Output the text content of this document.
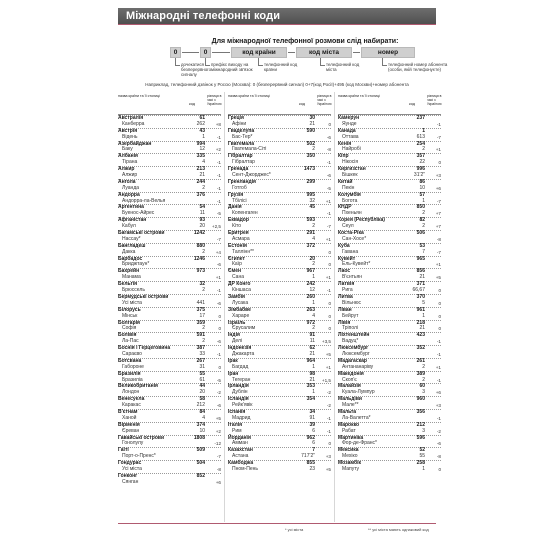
Міжнародні телефонні коди
Для міжнародної телефонної розмови слід набирати:
0	0	код країни	код міста	номер
дочекатися безперервного сигналу
префікс виходу на міжнародний зв'язок
телефонний код країни
телефонний код міста
телефонний номер абонента (особи, якій телефонуєте)
Наприклад, телефонний дзвінок у Россю (Москва): 0 (безперервний сигнал) 0+7(код Росії)+495 (код Москви)+номер абонента
назва країни та її столиці
код
різниця в часі з Україною
Австралія	61
Канберра	262	+8
Австрія	43
Відень	1	-1
Азербайджан	994
Баку	12	+2
Албанія	335
Тірана	4	-1
Алжир	213
Алжир	21	-1
Ангола	244
Луанда	2	-1
Андорра	376
Андорра-ла-Велья	-1
Аргентина	54
Буенос-Айрес	11	-5
Афганістан	93
Кабул	20	+2,5
Багамські острови	1242
Нассау*	-7
Бангладеш	880
Дакка	2	+4
Барбадос	1246
Бриджтаун*	-6
Бахрейн	973
Манама	+1
Бельгія	32
Брюссель	2	-1
Бермудські острови
Усі міста	441	-6
Білорусь	375
Мінськ	17	0
Болгарія	359
Софія	2	0
Болівія	591
Ла-Пас	2	-6
Боснія і Герцеговина	387
Сараєво	33	-1
Ботсвана	267
Габороне	31	0
Бразилія	55
Бразиліа	61	-5
Великобританія	44
Лондон	20	-2
Венесуела	58
Каракас	212	-6
В'єтнам	84
Ханой	4	+5
Вірменія	374
Єреван	10	+2
Гавайські острови	1808
Гонолулу	-12
Гаїті	509
Порт-о-Пренс*	-7
Гондурас	504
Усі міста	-8
Гонконг	852
Сянган	+6
назва країни та її столиці
код
різниця в часі з Україною
Греція	30
Афіни	21	0
Гваделупа	590
Бас-Тер*	-6
Гватемала	502
Гватемала-Сіті	2	-8
Гібралтар	350
Гібралтар	-1
Гренада	1473
Сент-Джорджес*	-6
Гренландія	299
Готгоб	-5
Грузія	995
Тбілісі	32	+1
Данія	45
Копенгаген	-1
Еквадор	593
Кіто	2	-7
Еритрея	291
Асмара	4	+1
Естонія	372
Таллінн**	0
Єгипет	20
Каїр	2	0
Ємен	967
Сана	1	+1
ДР Конго	242
Кіншаса	12	-1
Замбія	260
Лусака	1	0
Зімбабве	263
Хараре	4	0
Ізраїль	972
Єрусалим	2	0
Індія	91
Делі	11	+3,5
Індонезія	62
Джакарта	21	+5
Ірак	964
Багдад	1	+1
Іран	98
Тегеран	21	+1,5
Ірландія	353
Дублін	1	-2
Ісландія	354
Рейк'явік	-2
Іспанія	34
Мадрид	91	-1
Італія	39
Рим	6	-1
Йорданія	962
Амман	6	0
Казахстан	7
Астана	717'2"	+3
Камбоджа	855
Пном-Пень	23	+5
назва країни та її столиці
код
різниця в часі з Україною
Камерун	237
Яунде	-1
Канада	1
Оттава	613	-7
Кенія	254
Найробі	2	+1
Кіпр	357
Нікосія	22	0
Киргизстан	996
Бішкек	31'2"	+3
Китай	86
Пекін	10	+6
Колумбія	57
Богота	1	-7
КНДР	850
Пхеньян	2	+7
Корея (Республіка)	82
Сеул	2	+7
Коста-Ріка	506
Сан-Хосе*	-8
Куба	53
Гавана	7	-7
Кувейт	965
Ель-Кувейт*	+1
Лаос	856
В'єнтьян	21	+5
Латвія	371
Рига	66,67	0
Литва	370
Вільнюс	5	0
Ліван	961
Бейрут	1	0
Лівія	218
Тріполі	21	0
Ліхтенштейн	423
Вадуц*	-1
Люксембург	352
Люксембург	-1
Мадагаскар	261
Антананаріву	2	+1
Македонія	389
Скоп'є	2	-1
Малайзія	60
Куала-Лумпур	3	+6
Мальдіви	960
Мале**	+3
Мальта	356
Ла-Валетта*	-1
Марокко	212
Рабат	3	-2
Мартиніка	596
Фор-де-Франс*	-6
Мексика	52
Мехіко	55	-8
Мозамбік	258
Мапуту	1	0
* усі міста	** усі міста мають однаковий код
